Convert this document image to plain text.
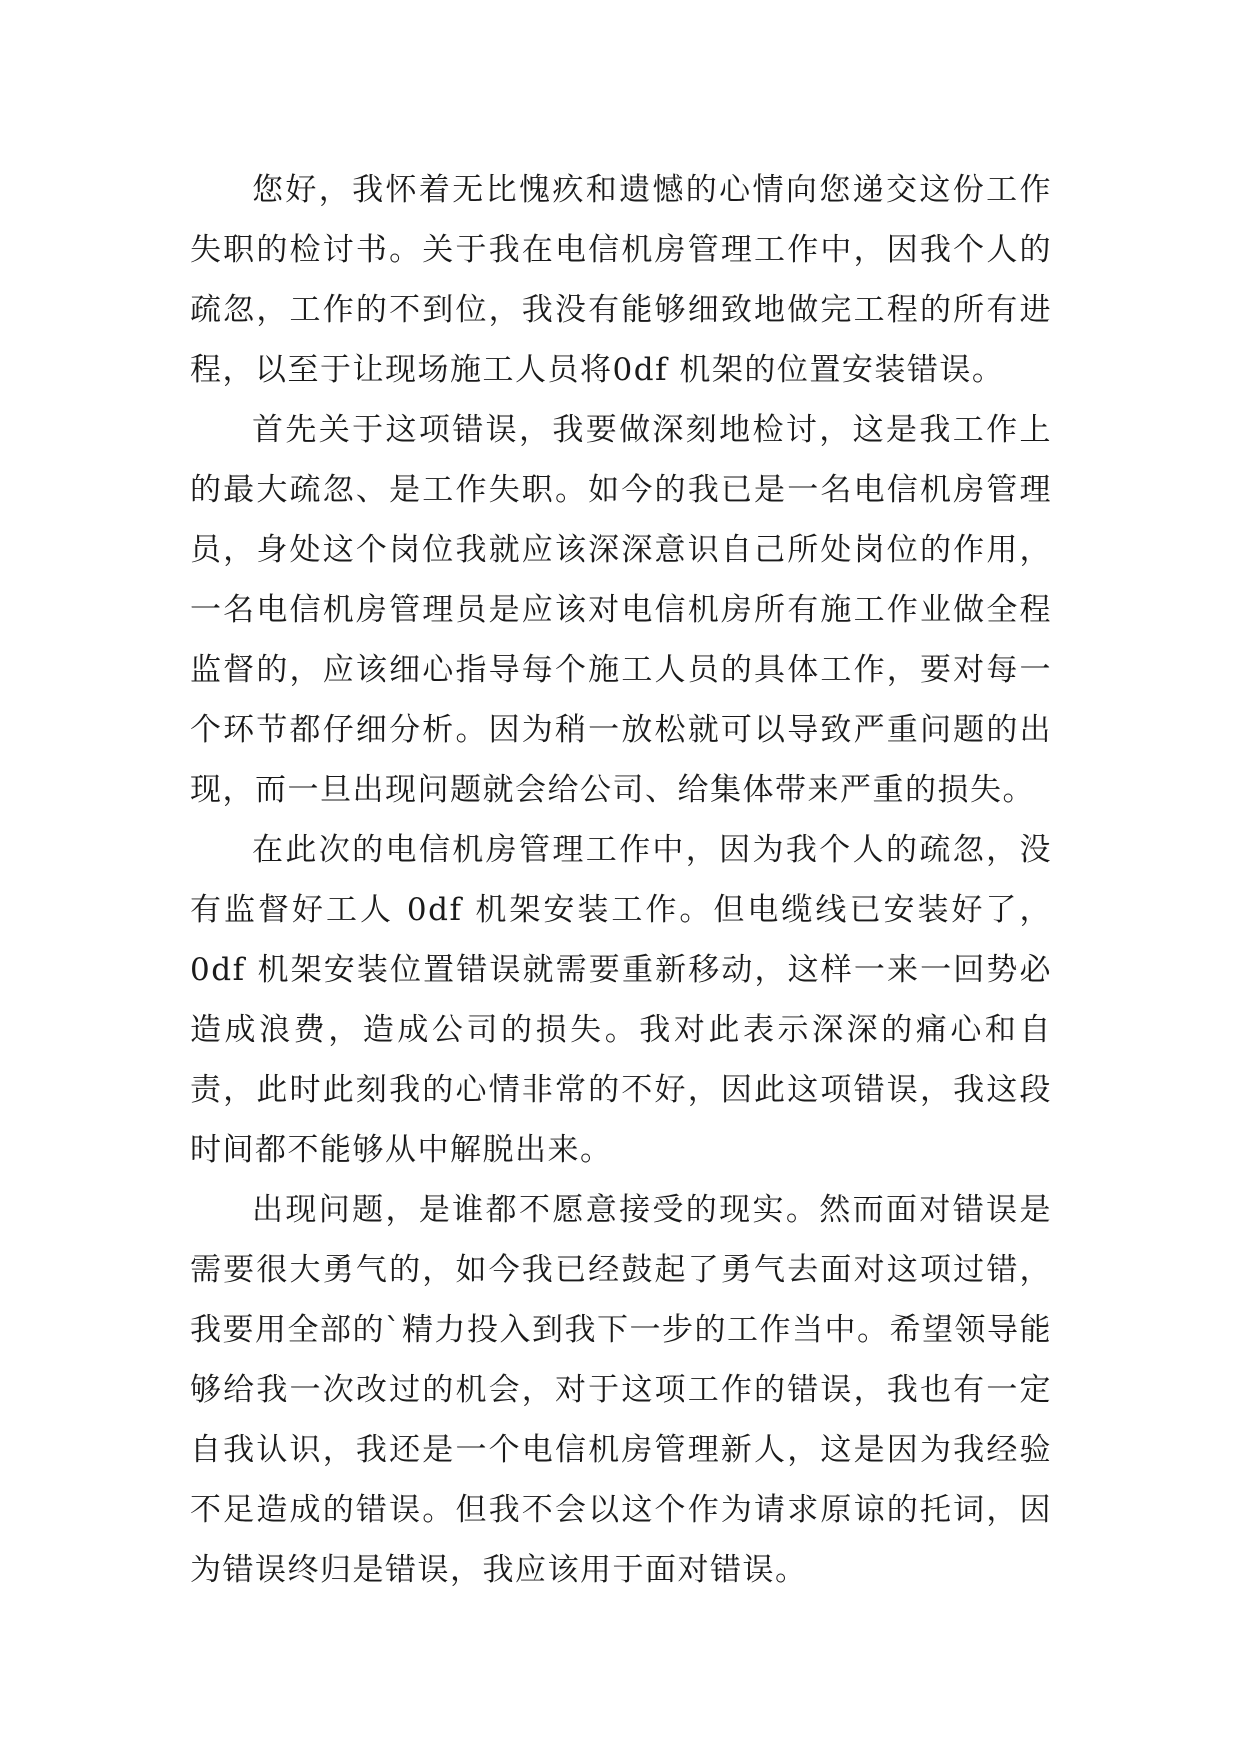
您好，我怀着无比愧疚和遗憾的心情向您递交这份工作失职的检讨书。关于我在电信机房管理工作中，因我个人的疏忽，工作的不到位，我没有能够细致地做完工程的所有进程，以至于让现场施工人员将0df 机架的位置安装错误。

首先关于这项错误，我要做深刻地检讨，这是我工作上的最大疏忽、是工作失职。如今的我已是一名电信机房管理员，身处这个岗位我就应该深深意识自己所处岗位的作用，一名电信机房管理员是应该对电信机房所有施工作业做全程监督的，应该细心指导每个施工人员的具体工作，要对每一个环节都仔细分析。因为稍一放松就可以导致严重问题的出现，而一旦出现问题就会给公司、给集体带来严重的损失。

在此次的电信机房管理工作中，因为我个人的疏忽，没有监督好工人 0df 机架安装工作。但电缆线已安装好了，0df 机架安装位置错误就需要重新移动，这样一来一回势必造成浪费，造成公司的损失。我对此表示深深的痛心和自责，此时此刻我的心情非常的不好，因此这项错误，我这段时间都不能够从中解脱出来。

出现问题，是谁都不愿意接受的现实。然而面对错误是需要很大勇气的，如今我已经鼓起了勇气去面对这项过错，我要用全部的`精力投入到我下一步的工作当中。希望领导能够给我一次改过的机会，对于这项工作的错误，我也有一定自我认识，我还是一个电信机房管理新人，这是因为我经验不足造成的错误。但我不会以这个作为请求原谅的托词，因为错误终归是错误，我应该用于面对错误。
